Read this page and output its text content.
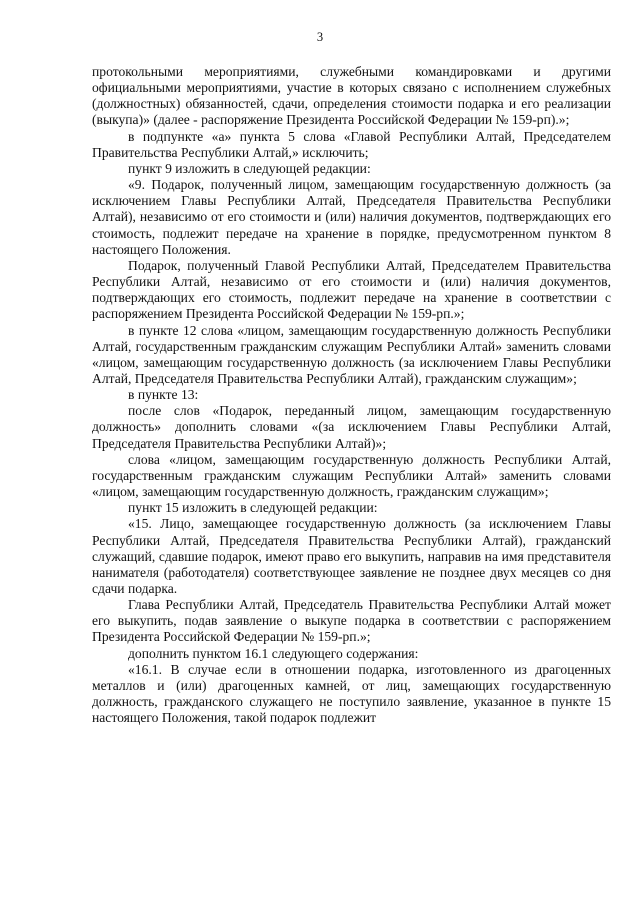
3

протокольными мероприятиями, служебными командировками и другими официальными мероприятиями, участие в которых связано с исполнением служебных (должностных) обязанностей, сдачи, определения стоимости подарка и его реализации (выкупа)» (далее - распоряжение Президента Российской Федерации № 159-рп).»;

в подпункте «а» пункта 5 слова «Главой Республики Алтай, Председателем Правительства Республики Алтай,» исключить;

пункт 9 изложить в следующей редакции:

«9. Подарок, полученный лицом, замещающим государственную должность (за исключением Главы Республики Алтай, Председателя Правительства Республики Алтай), независимо от его стоимости и (или) наличия документов, подтверждающих его стоимость, подлежит передаче на хранение в порядке, предусмотренном пунктом 8 настоящего Положения.

Подарок, полученный Главой Республики Алтай, Председателем Правительства Республики Алтай, независимо от его стоимости и (или) наличия документов, подтверждающих его стоимость, подлежит передаче на хранение в соответствии с распоряжением Президента Российской Федерации № 159-рп.»;

в пункте 12 слова «лицом, замещающим государственную должность Республики Алтай, государственным гражданским служащим Республики Алтай» заменить словами «лицом, замещающим государственную должность (за исключением Главы Республики Алтай, Председателя Правительства Республики Алтай), гражданским служащим»;

в пункте 13:

после слов «Подарок, переданный лицом, замещающим государственную должность» дополнить словами «(за исключением Главы Республики Алтай, Председателя Правительства Республики Алтай)»;

слова «лицом, замещающим государственную должность Республики Алтай, государственным гражданским служащим Республики Алтай» заменить словами «лицом, замещающим государственную должность, гражданским служащим»;

пункт 15 изложить в следующей редакции:

«15. Лицо, замещающее государственную должность (за исключением Главы Республики Алтай, Председателя Правительства Республики Алтай), гражданский служащий, сдавшие подарок, имеют право его выкупить, направив на имя представителя нанимателя (работодателя) соответствующее заявление не позднее двух месяцев со дня сдачи подарка.

Глава Республики Алтай, Председатель Правительства Республики Алтай может его выкупить, подав заявление о выкупе подарка в соответствии с распоряжением Президента Российской Федерации № 159-рп.»;

дополнить пунктом 16.1 следующего содержания:

«16.1. В случае если в отношении подарка, изготовленного из драгоценных металлов и (или) драгоценных камней, от лиц, замещающих государственную должность, гражданского служащего не поступило заявление, указанное в пункте 15 настоящего Положения, такой подарок подлежит
